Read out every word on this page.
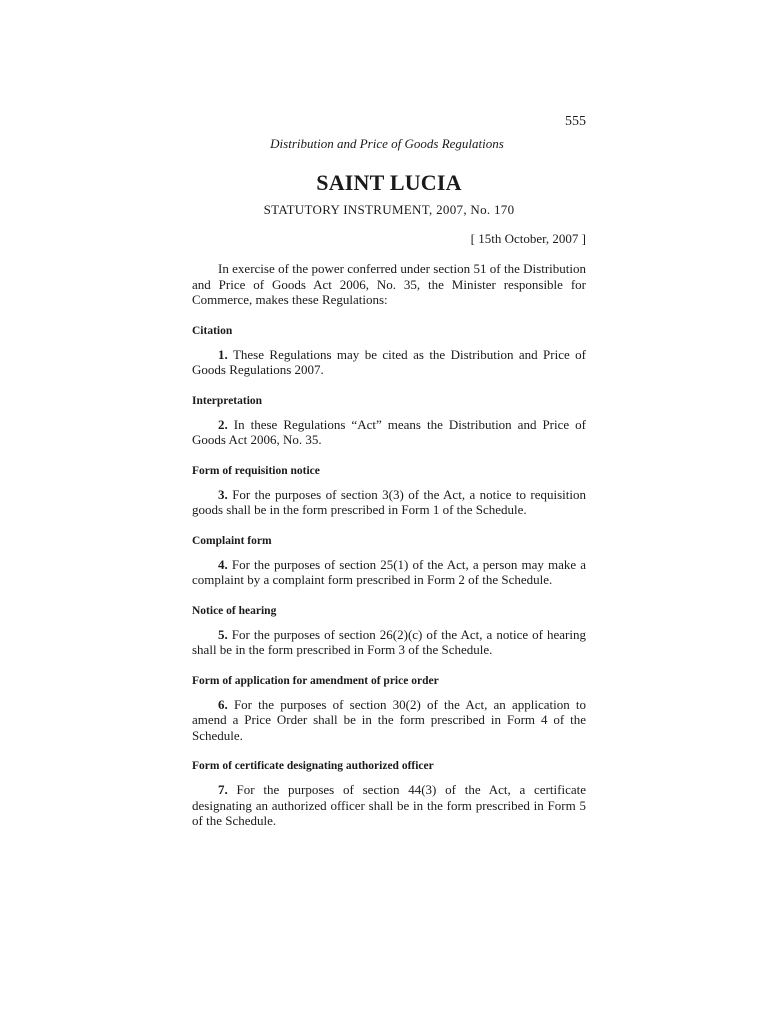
555
Distribution and Price of Goods Regulations
SAINT LUCIA
STATUTORY INSTRUMENT, 2007, No. 170
[ 15th October, 2007 ]

In exercise of the power conferred under section 51 of the Distribution and Price of Goods Act 2006, No. 35, the Minister responsible for Commerce, makes these Regulations:

Citation

1. These Regulations may be cited as the Distribution and Price of Goods Regulations 2007.

Interpretation

2. In these Regulations “Act” means the Distribution and Price of Goods Act 2006, No. 35.

Form of requisition notice

3. For the purposes of section 3(3) of the Act, a notice to requisition goods shall be in the form prescribed in Form 1 of the Schedule.

Complaint form

4. For the purposes of section 25(1) of the Act, a person may make a complaint by a complaint form prescribed in Form 2 of the Schedule.

Notice of hearing

5. For the purposes of section 26(2)(c) of the Act, a notice of hearing shall be in the form prescribed in Form 3 of the Schedule.

Form of application for amendment of price order

6. For the purposes of section 30(2) of the Act, an application to amend a Price Order shall be in the form prescribed in Form 4 of the Schedule.

Form of certificate designating authorized officer

7. For the purposes of section 44(3) of the Act, a certificate designating an authorized officer shall be in the form prescribed in Form 5 of the Schedule.
